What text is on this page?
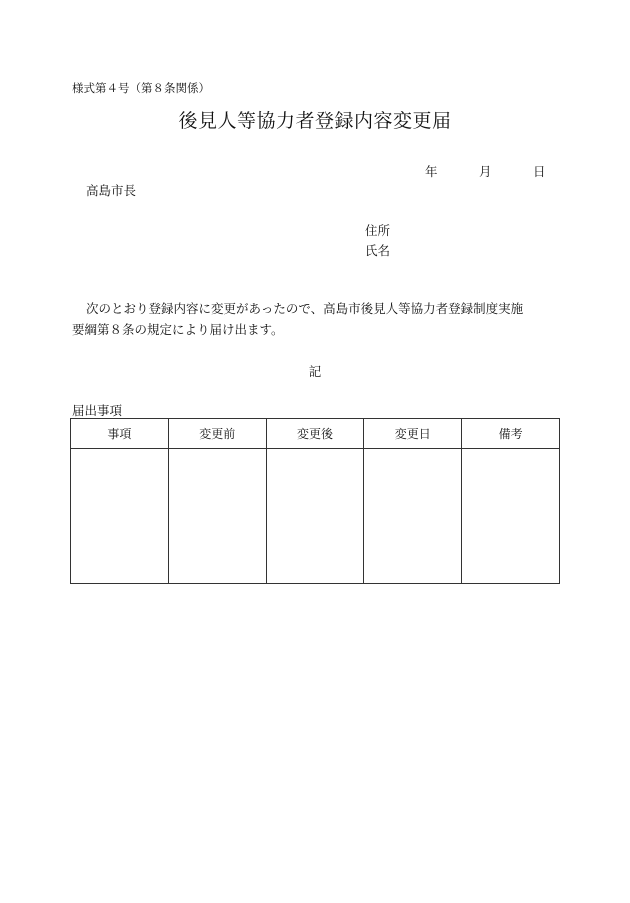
様式第４号（第８条関係）
後見人等協力者登録内容変更届
年	月	日
高島市長
住所
氏名
次のとおり登録内容に変更があったので、高島市後見人等協力者登録制度実施
要綱第８条の規定により届け出ます。
記
届出事項
事項	変更前	変更後	変更日	備考
